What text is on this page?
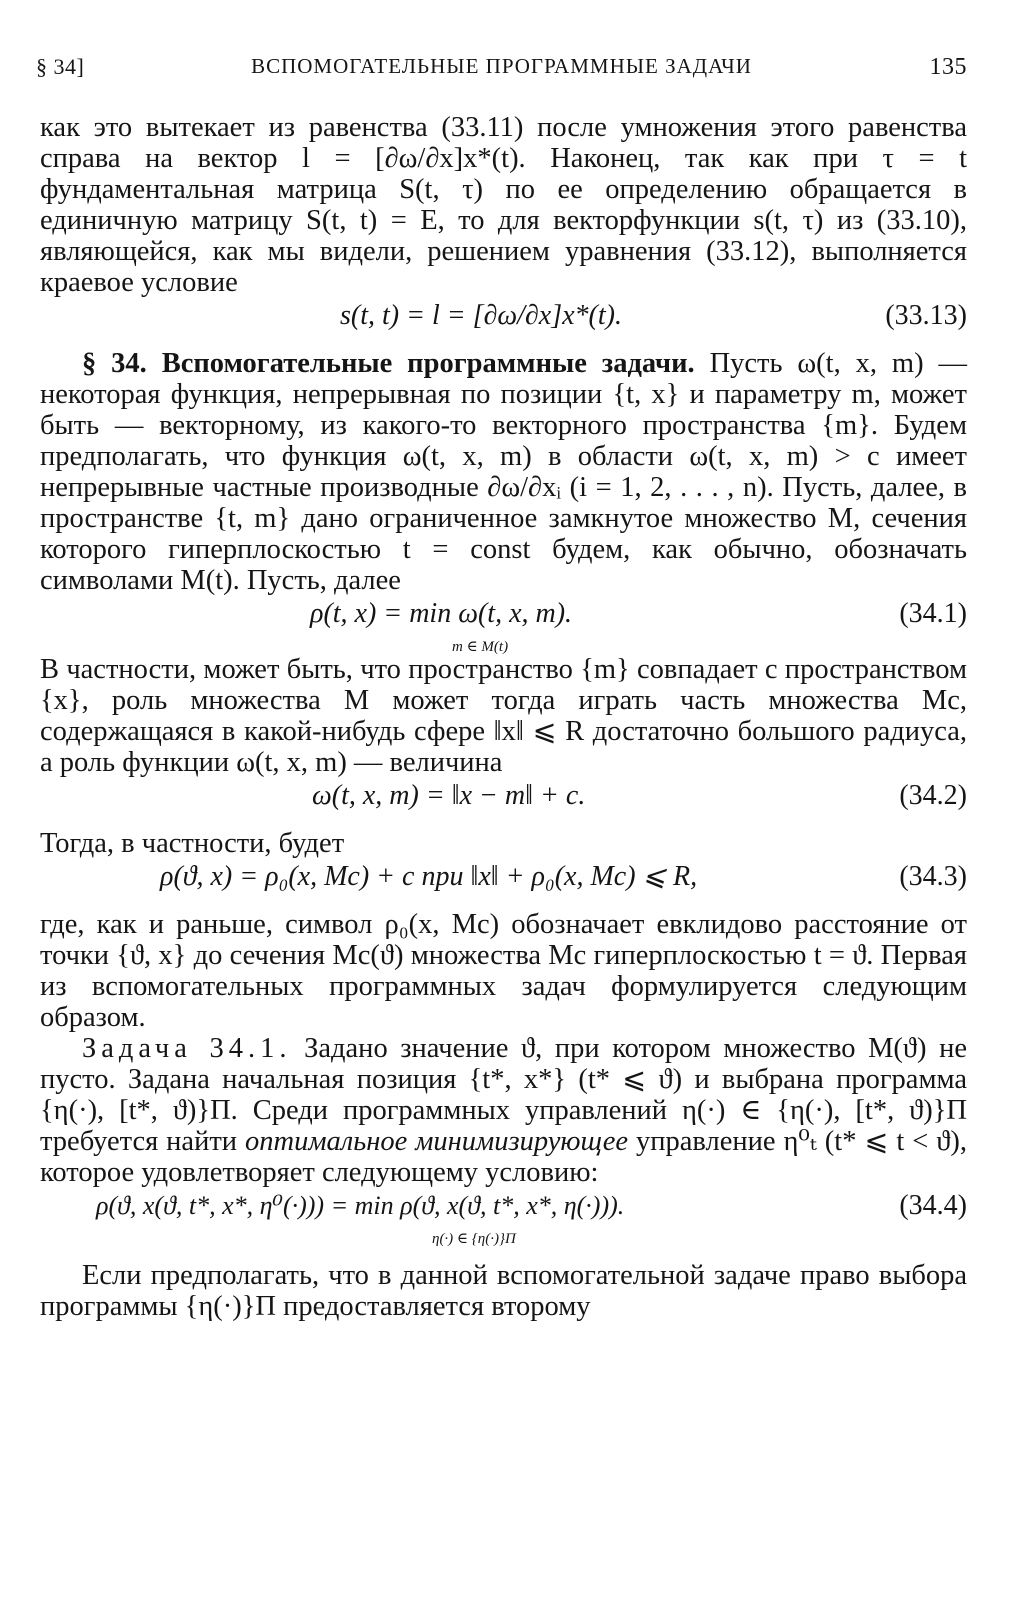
§ 34]	ВСПОМОГАТЕЛЬНЫЕ ПРОГРАММНЫЕ ЗАДАЧИ	135

как это вытекает из равенства (33.11) после умножения этого равенства справа на вектор l = [∂ω/∂x]x*(t). Наконец, так как при τ = t фундаментальная матрица S(t, τ) по ее определению обращается в единичную матрицу S(t, t) = E, то для векторфункции s(t, τ) из (33.10), являющейся, как мы видели, решением уравнения (33.12), выполняется краевое условие

s(t, t) = l = [∂ω/∂x]x*(t).	(33.13)

§ 34. Вспомогательные программные задачи. Пусть ω(t, x, m) — некоторая функция, непрерывная по позиции {t, x} и параметру m, может быть — векторному, из какого-то векторного пространства {m}. Будем предполагать, что функция ω(t, x, m) в области ω(t, x, m) > c имеет непрерывные частные производные ∂ω/∂xᵢ (i = 1, 2, . . . , n). Пусть, далее, в пространстве {t, m} дано ограниченное замкнутое множество M, сечения которого гиперплоскостью t = const будем, как обычно, обозначать символами M(t). Пусть, далее

ρ(t, x) = min ω(t, x, m).
m ∈ M(t)
(34.1)

В частности, может быть, что пространство {m} совпадает с пространством {x}, роль множества M может тогда играть часть множества Mc, содержащаяся в какой-нибудь сфере ‖x‖ ⩽ R достаточно большого радиуса, а роль функции ω(t, x, m) — величина

ω(t, x, m) = ‖x − m‖ + c.	(34.2)

Тогда, в частности, будет

ρ(ϑ, x) = ρ₀(x, Mc) + c при ‖x‖ + ρ₀(x, Mc) ⩽ R,	(34.3)

где, как и раньше, символ ρ₀(x, Mc) обозначает евклидово расстояние от точки {ϑ, x} до сечения Mc(ϑ) множества Mc гиперплоскостью t = ϑ. Первая из вспомогательных программных задач формулируется следующим образом.

Задача 34.1. Задано значение ϑ, при котором множество M(ϑ) не пусто. Задана начальная позиция {t*, x*} (t* ⩽ ϑ) и выбрана программа {η(·), [t*, ϑ)}Π. Среди программных управлений η(·) ∈ {η(·), [t*, ϑ)}Π требуется найти оптимальное минимизирующее управление η⁰ₜ (t* ⩽ t < ϑ), которое удовлетворяет следующему условию:

ρ(ϑ, x(ϑ, t*, x*, η⁰(·))) = min ρ(ϑ, x(ϑ, t*, x*, η(·))).
η(·) ∈ {η(·)}Π
(34.4)

Если предполагать, что в данной вспомогательной задаче право выбора программы {η(·)}Π предоставляется второму
